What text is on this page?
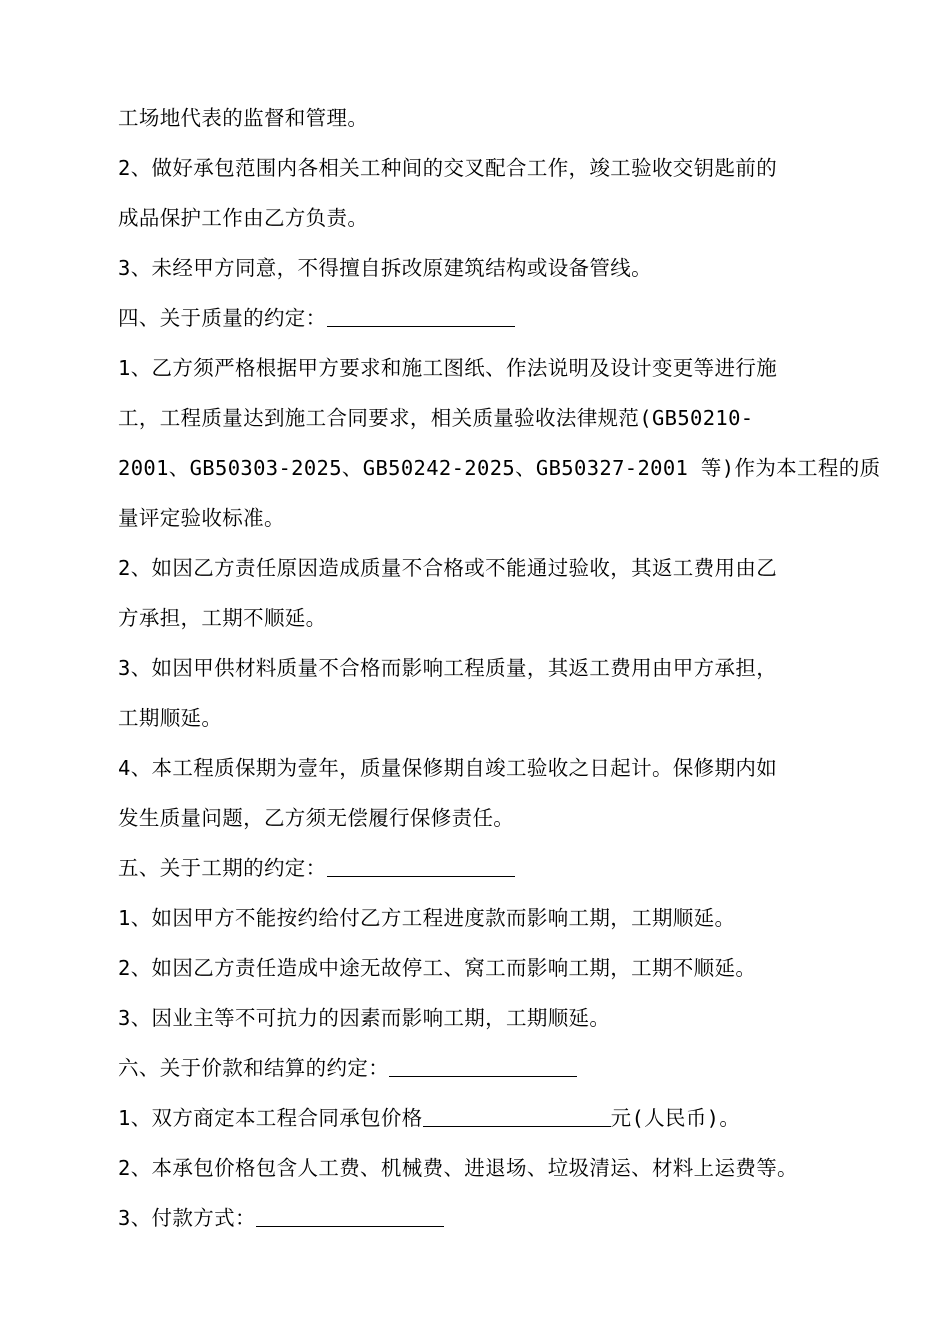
工场地代表的监督和管理。
2、做好承包范围内各相关工种间的交叉配合工作，竣工验收交钥匙前的
成品保护工作由乙方负责。
3、未经甲方同意，不得擅自拆改原建筑结构或设备管线。
四、关于质量的约定：
1、乙方须严格根据甲方要求和施工图纸、作法说明及设计变更等进行施
工，工程质量达到施工合同要求，相关质量验收法律规范(GB50210-
2001、GB50303-2025、GB50242-2025、GB50327-2001 等)作为本工程的质
量评定验收标准。
2、如因乙方责任原因造成质量不合格或不能通过验收，其返工费用由乙
方承担，工期不顺延。
3、如因甲供材料质量不合格而影响工程质量，其返工费用由甲方承担，
工期顺延。
4、本工程质保期为壹年，质量保修期自竣工验收之日起计。保修期内如
发生质量问题，乙方须无偿履行保修责任。
五、关于工期的约定：
1、如因甲方不能按约给付乙方工程进度款而影响工期，工期顺延。
2、如因乙方责任造成中途无故停工、窝工而影响工期，工期不顺延。
3、因业主等不可抗力的因素而影响工期，工期顺延。
六、关于价款和结算的约定：
1、双方商定本工程合同承包价格	元(人民币)。
2、本承包价格包含人工费、机械费、进退场、垃圾清运、材料上运费等。
3、付款方式：
